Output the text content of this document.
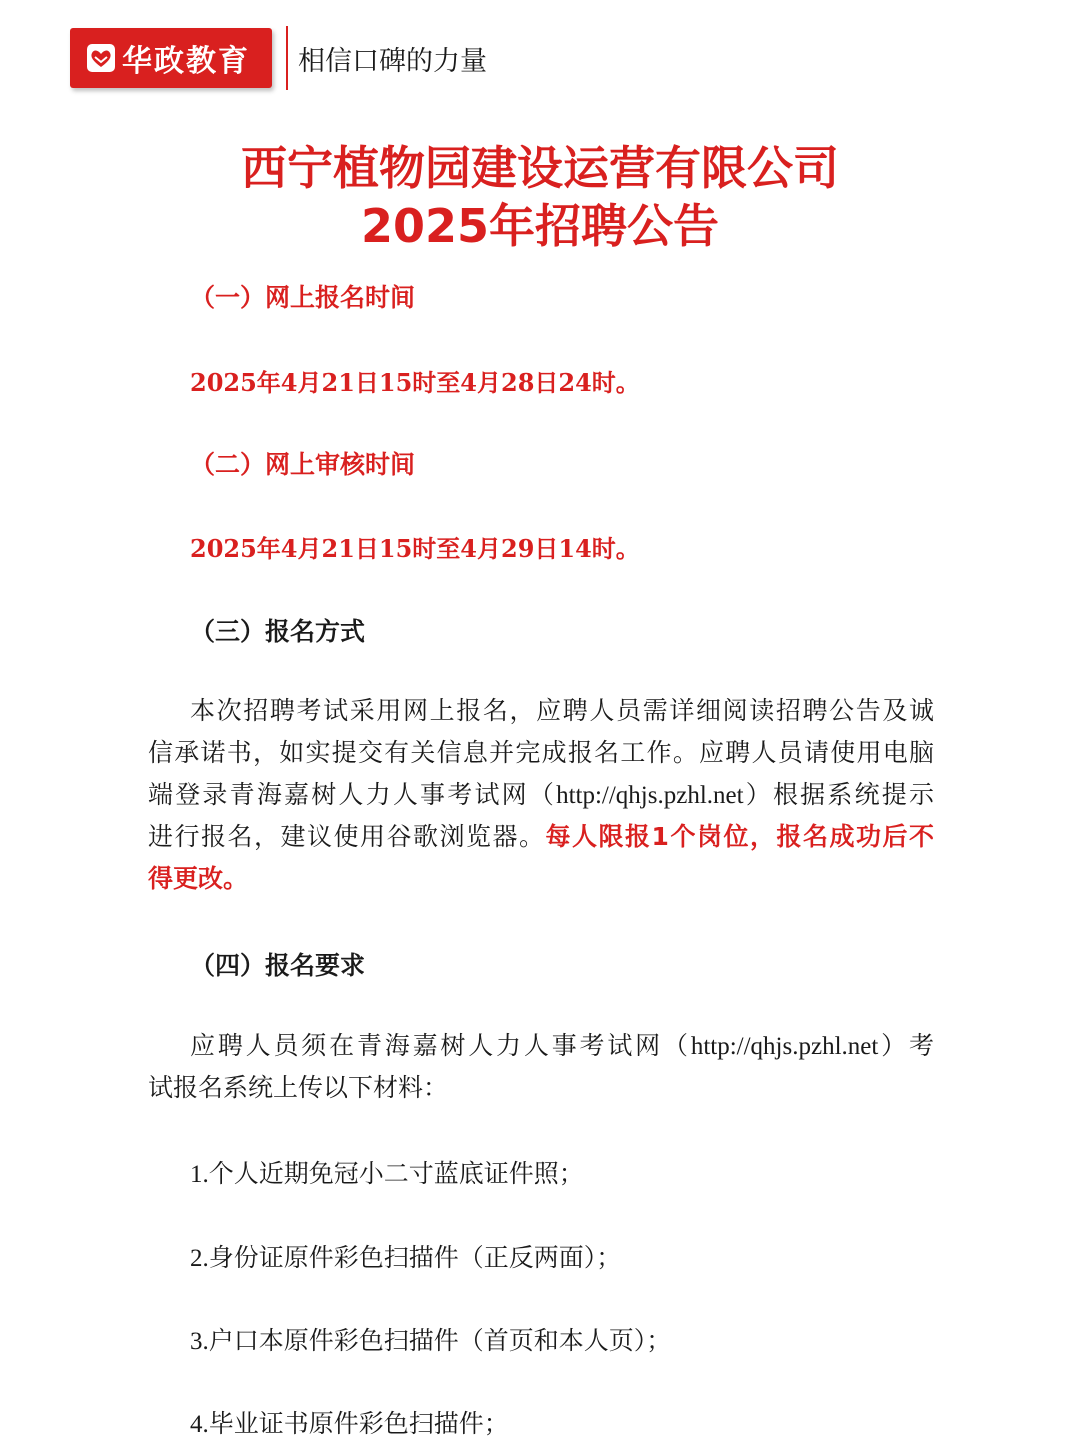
华政教育 相信口碑的力量
西宁植物园建设运营有限公司
2025年招聘公告
（一）网上报名时间
2025年4月21日15时至4月28日24时。
（二）网上审核时间
2025年4月21日15时至4月29日14时。
（三）报名方式
本次招聘考试采用网上报名，应聘人员需详细阅读招聘公告及诚
信承诺书，如实提交有关信息并完成报名工作。应聘人员请使用电脑
端登录青海嘉树人力人事考试网（http://qhjs.pzhl.net）根据系统提示
进行报名，建议使用谷歌浏览器。每人限报1个岗位，报名成功后不
得更改。
（四）报名要求
应聘人员须在青海嘉树人力人事考试网（http://qhjs.pzhl.net）考
试报名系统上传以下材料：
1.个人近期免冠小二寸蓝底证件照；
2.身份证原件彩色扫描件（正反两面）；
3.户口本原件彩色扫描件（首页和本人页）；
4.毕业证书原件彩色扫描件；
